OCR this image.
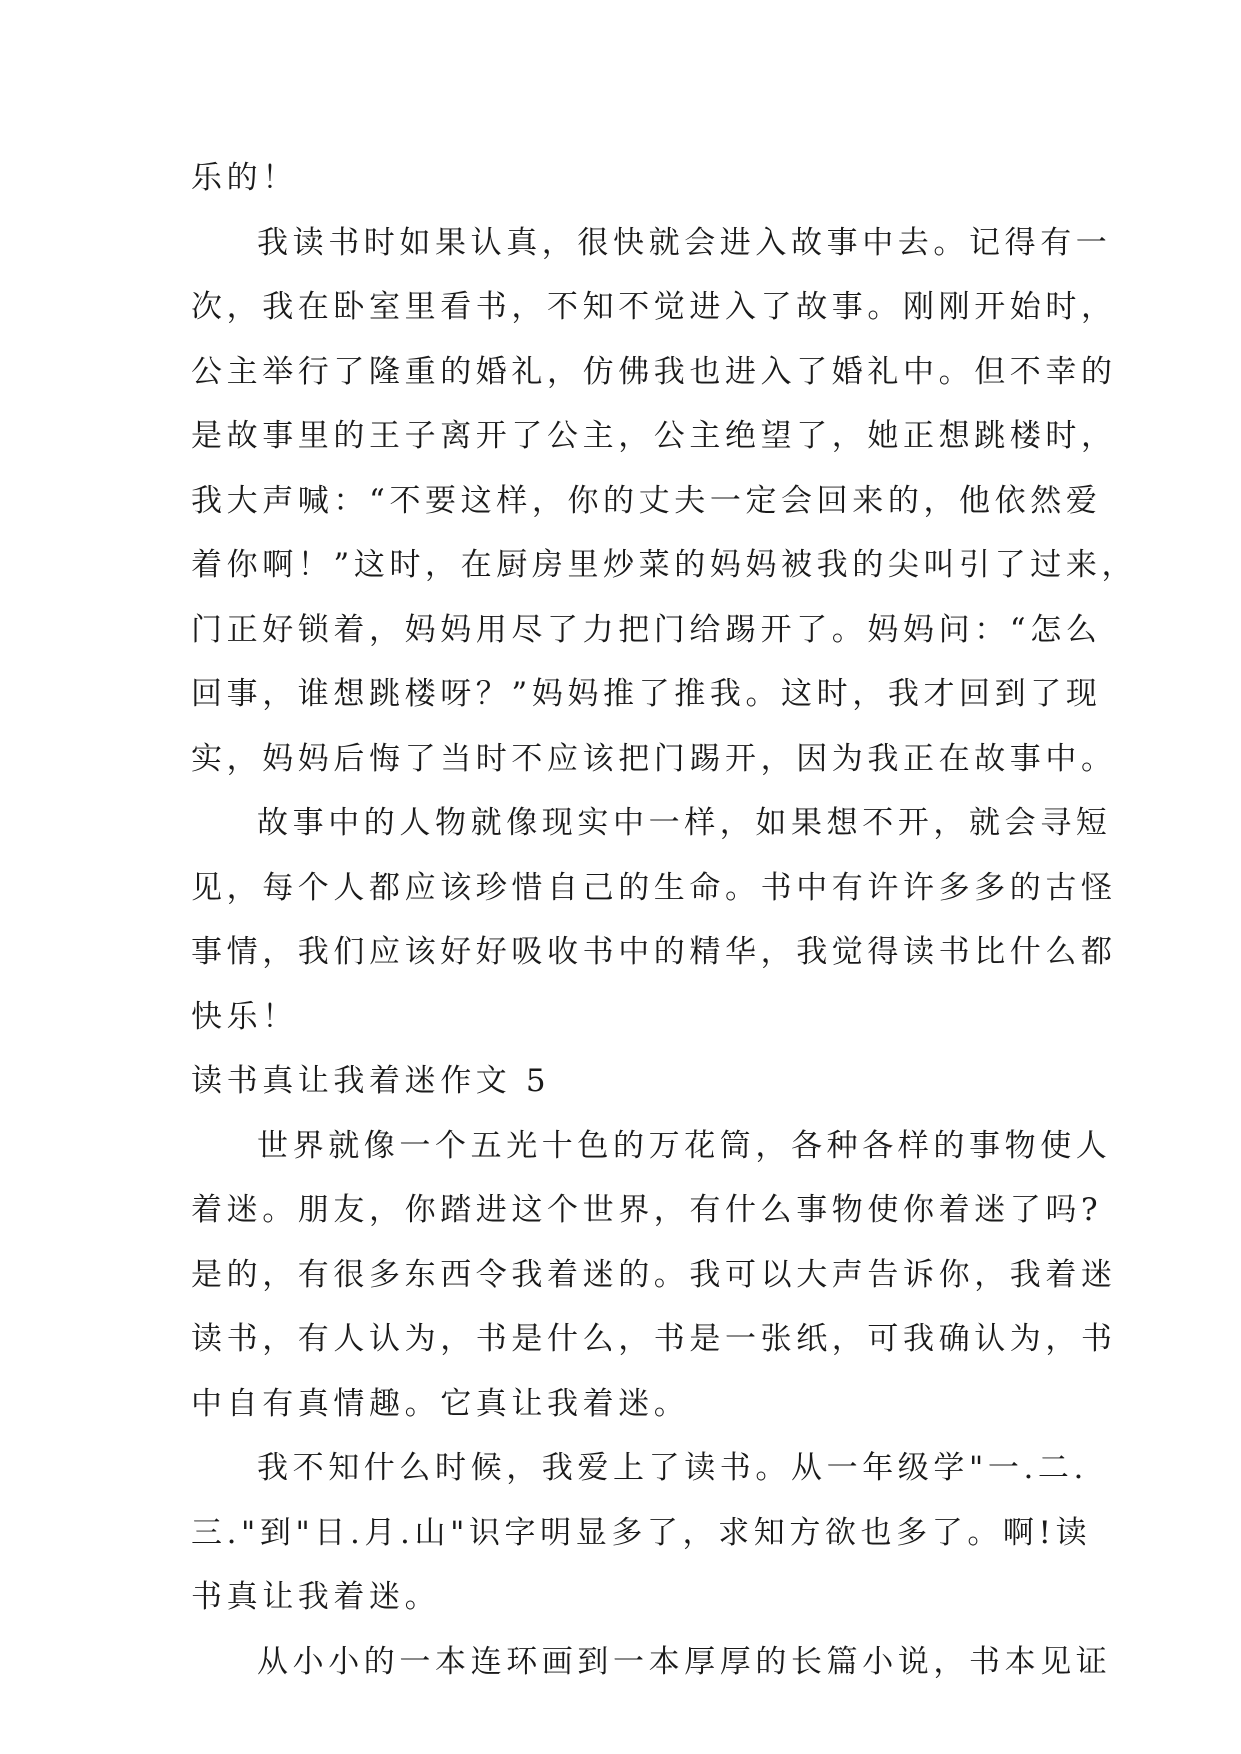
乐的！
我读书时如果认真，很快就会进入故事中去。记得有一
次，我在卧室里看书，不知不觉进入了故事。刚刚开始时，
公主举行了隆重的婚礼，仿佛我也进入了婚礼中。但不幸的
是故事里的王子离开了公主，公主绝望了，她正想跳楼时，
我大声喊：“不要这样，你的丈夫一定会回来的，他依然爱
着你啊！”这时，在厨房里炒菜的妈妈被我的尖叫引了过来，
门正好锁着，妈妈用尽了力把门给踢开了。妈妈问：“怎么
回事，谁想跳楼呀？”妈妈推了推我。这时，我才回到了现
实，妈妈后悔了当时不应该把门踢开，因为我正在故事中。
故事中的人物就像现实中一样，如果想不开，就会寻短
见，每个人都应该珍惜自己的生命。书中有许许多多的古怪
事情，我们应该好好吸收书中的精华，我觉得读书比什么都
快乐！
读书真让我着迷作文 5
世界就像一个五光十色的万花筒，各种各样的事物使人
着迷。朋友，你踏进这个世界，有什么事物使你着迷了吗?
是的，有很多东西令我着迷的。我可以大声告诉你，我着迷
读书，有人认为，书是什么，书是一张纸，可我确认为，书
中自有真情趣。它真让我着迷。
我不知什么时候，我爱上了读书。从一年级学"一.二.
三."到"日.月.山"识字明显多了，求知方欲也多了。啊!读
书真让我着迷。
从小小的一本连环画到一本厚厚的长篇小说，书本见证
